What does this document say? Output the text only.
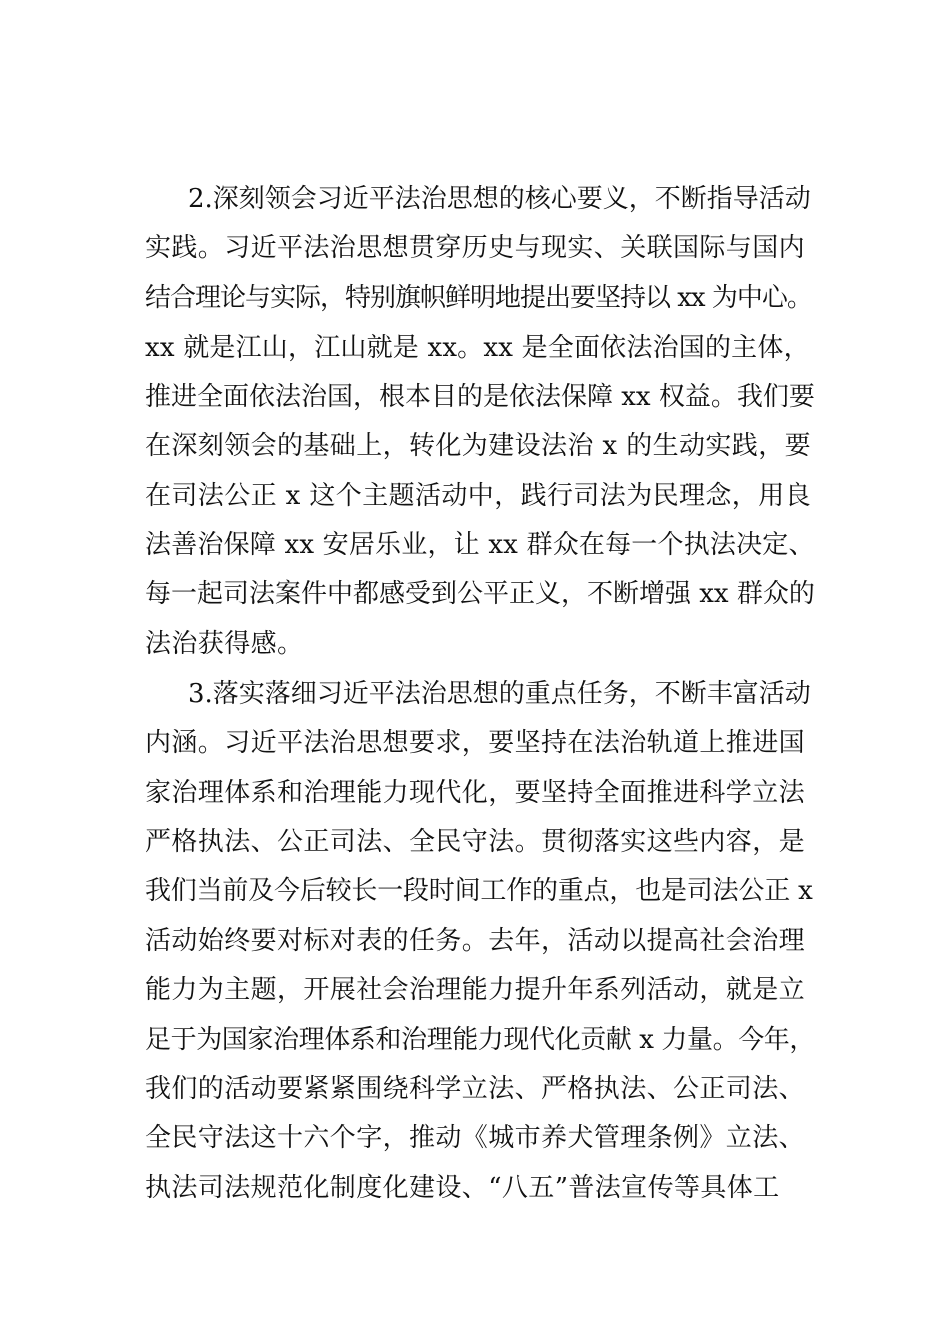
2.深刻领会习近平法治思想的核心要义，不断指导活动
实践。习近平法治思想贯穿历史与现实、关联国际与国内
结合理论与实际，特别旗帜鲜明地提出要坚持以 xx 为中心。
xx 就是江山，江山就是 xx。xx 是全面依法治国的主体，
推进全面依法治国，根本目的是依法保障 xx 权益。我们要
在深刻领会的基础上，转化为建设法治 x 的生动实践，要
在司法公正 x 这个主题活动中，践行司法为民理念，用良
法善治保障 xx 安居乐业，让 xx 群众在每一个执法决定、
每一起司法案件中都感受到公平正义，不断增强 xx 群众的
法治获得感。
3.落实落细习近平法治思想的重点任务，不断丰富活动
内涵。习近平法治思想要求，要坚持在法治轨道上推进国
家治理体系和治理能力现代化，要坚持全面推进科学立法
严格执法、公正司法、全民守法。贯彻落实这些内容，是
我们当前及今后较长一段时间工作的重点，也是司法公正 x
活动始终要对标对表的任务。去年，活动以提高社会治理
能力为主题，开展社会治理能力提升年系列活动，就是立
足于为国家治理体系和治理能力现代化贡献 x 力量。今年，
我们的活动要紧紧围绕科学立法、严格执法、公正司法、
全民守法这十六个字，推动《城市养犬管理条例》立法、
执法司法规范化制度化建设、“八五”普法宣传等具体工
